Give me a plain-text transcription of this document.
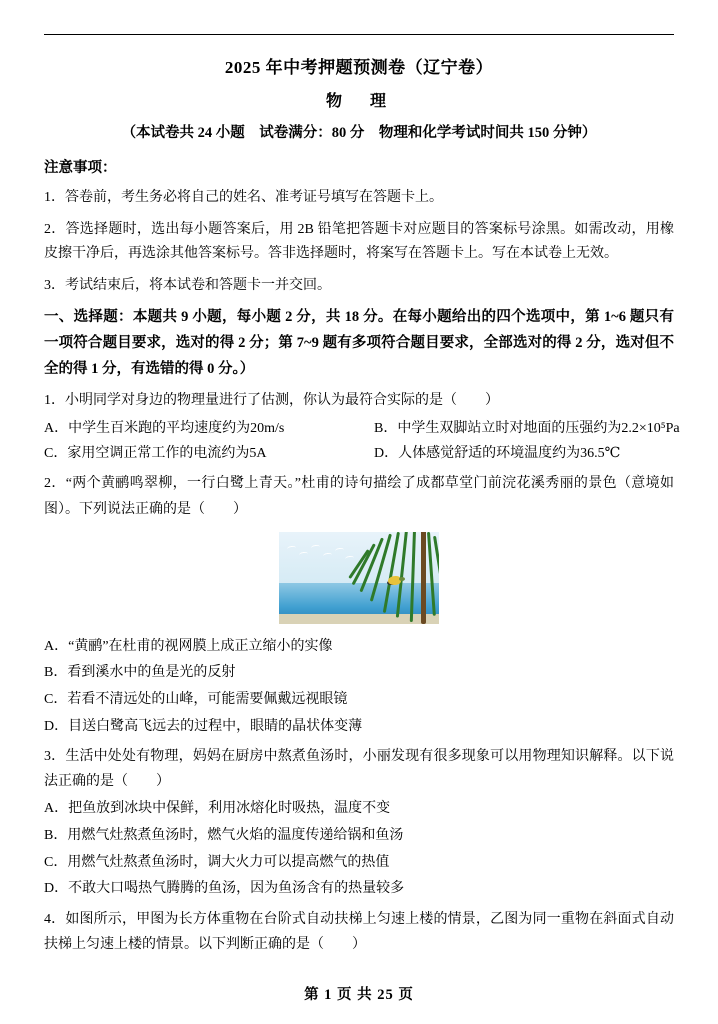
2025 年中考押题预测卷（辽宁卷）
物　理
（本试卷共 24 小题　试卷满分：80 分　物理和化学考试时间共 150 分钟）
注意事项：
1．答卷前，考生务必将自己的姓名、准考证号填写在答题卡上。
2．答选择题时，选出每小题答案后，用 2B 铅笔把答题卡对应题目的答案标号涂黑。如需改动，用橡皮擦干净后，再选涂其他答案标号。答非选择题时，将案写在答题卡上。写在本试卷上无效。
3．考试结束后，将本试卷和答题卡一并交回。
一、选择题：本题共 9 小题，每小题 2 分，共 18 分。在每小题给出的四个选项中，第 1~6 题只有一项符合题目要求，选对的得 2 分；第 7~9 题有多项符合题目要求，全部选对的得 2 分，选对但不全的得 1 分，有选错的得 0 分。）
1．小明同学对身边的物理量进行了估测，你认为最符合实际的是（　　）
A．中学生百米跑的平均速度约为20m/s	B．中学生双脚站立时对地面的压强约为2.2×10⁵Pa
C．家用空调正常工作的电流约为5A	D．人体感觉舒适的环境温度约为36.5℃
2．“两个黄鹂鸣翠柳，一行白鹭上青天。”杜甫的诗句描绘了成都草堂门前浣花溪秀丽的景色（意境如图）。下列说法正确的是（　　）
A．“黄鹂”在杜甫的视网膜上成正立缩小的实像
B．看到溪水中的鱼是光的反射
C．若看不清远处的山峰，可能需要佩戴远视眼镜
D．目送白鹭高飞远去的过程中，眼睛的晶状体变薄
3．生活中处处有物理，妈妈在厨房中熬煮鱼汤时，小丽发现有很多现象可以用物理知识解释。以下说法正确的是（　　）
A．把鱼放到冰块中保鲜，利用冰熔化时吸热，温度不变
B．用燃气灶熬煮鱼汤时，燃气火焰的温度传递给锅和鱼汤
C．用燃气灶熬煮鱼汤时，调大火力可以提高燃气的热值
D．不敢大口喝热气腾腾的鱼汤，因为鱼汤含有的热量较多
4．如图所示，甲图为长方体重物在台阶式自动扶梯上匀速上楼的情景，乙图为同一重物在斜面式自动扶梯上匀速上楼的情景。以下判断正确的是（　　）
第 1 页 共 25 页
